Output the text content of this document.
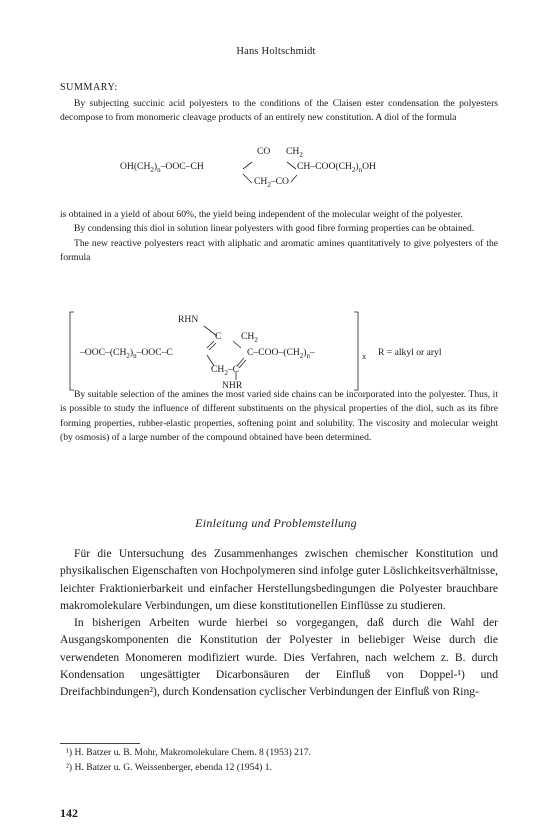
Hans Holtschmidt
SUMMARY:

By subjecting succinic acid polyesters to the conditions of the Claisen ester condensation the polyesters decompose to from monomeric cleavage products of an entirely new constitution. A diol of the formula

CO $CH_2$
$OH(CH_2)_n-OOC-CH$	$CH-COO(CH_2)_nOH$
$CH_2-CO$

is obtained in a yield of about 60%, the yield being independent of the molecular weight of the polyester.

By condensing this diol in solution linear polyesters with good fibre forming properties can be obtained.

The new reactive polyesters react with aliphatic and aromatic amines quantitatively to give polyesters of the formula

RHN
C $CH_2$
$-OOC-(CH_2)_n-OOC-C$	$C-COO-(CH_2)_n-$
$CH_2-C$
NHR
x R = alkyl or aryl

By suitable selection of the amines the most varied side chains can be incorporated into the polyester. Thus, it is possible to study the influence of different substituents on the physical properties of the diol, such as its fibre forming properties, rubber-elastic properties, softening point and solubility. The viscosity and molecular weight (by osmosis) of a large number of the compound obtained have been determined.

Einleitung und Problemstellung

Für die Untersuchung des Zusammenhanges zwischen chemischer Konstitution und physikalischen Eigenschaften von Hochpolymeren sind infolge guter Löslichkeitsverhältnisse, leichter Fraktionierbarkeit und einfacher Herstellungsbedingungen die Polyester brauchbare makromolekulare Verbindungen, um diese konstitutionellen Einflüsse zu studieren.

In bisherigen Arbeiten wurde hierbei so vorgegangen, daß durch die Wahl der Ausgangskomponenten die Konstitution der Polyester in beliebiger Weise durch die verwendeten Monomeren modifiziert wurde. Dies Verfahren, nach welchem z. B. durch Kondensation ungesättigter Dicarbonsäuren der Einfluß von Doppel-¹) und Dreifachbindungen²), durch Kondensation cyclischer Verbindungen der Einfluß von Ring-

¹) H. Batzer u. B. Mohr, Makromolekulare Chem. 8 (1953) 217.

²) H. Batzer u. G. Weissenberger, ebenda 12 (1954) 1.

142
